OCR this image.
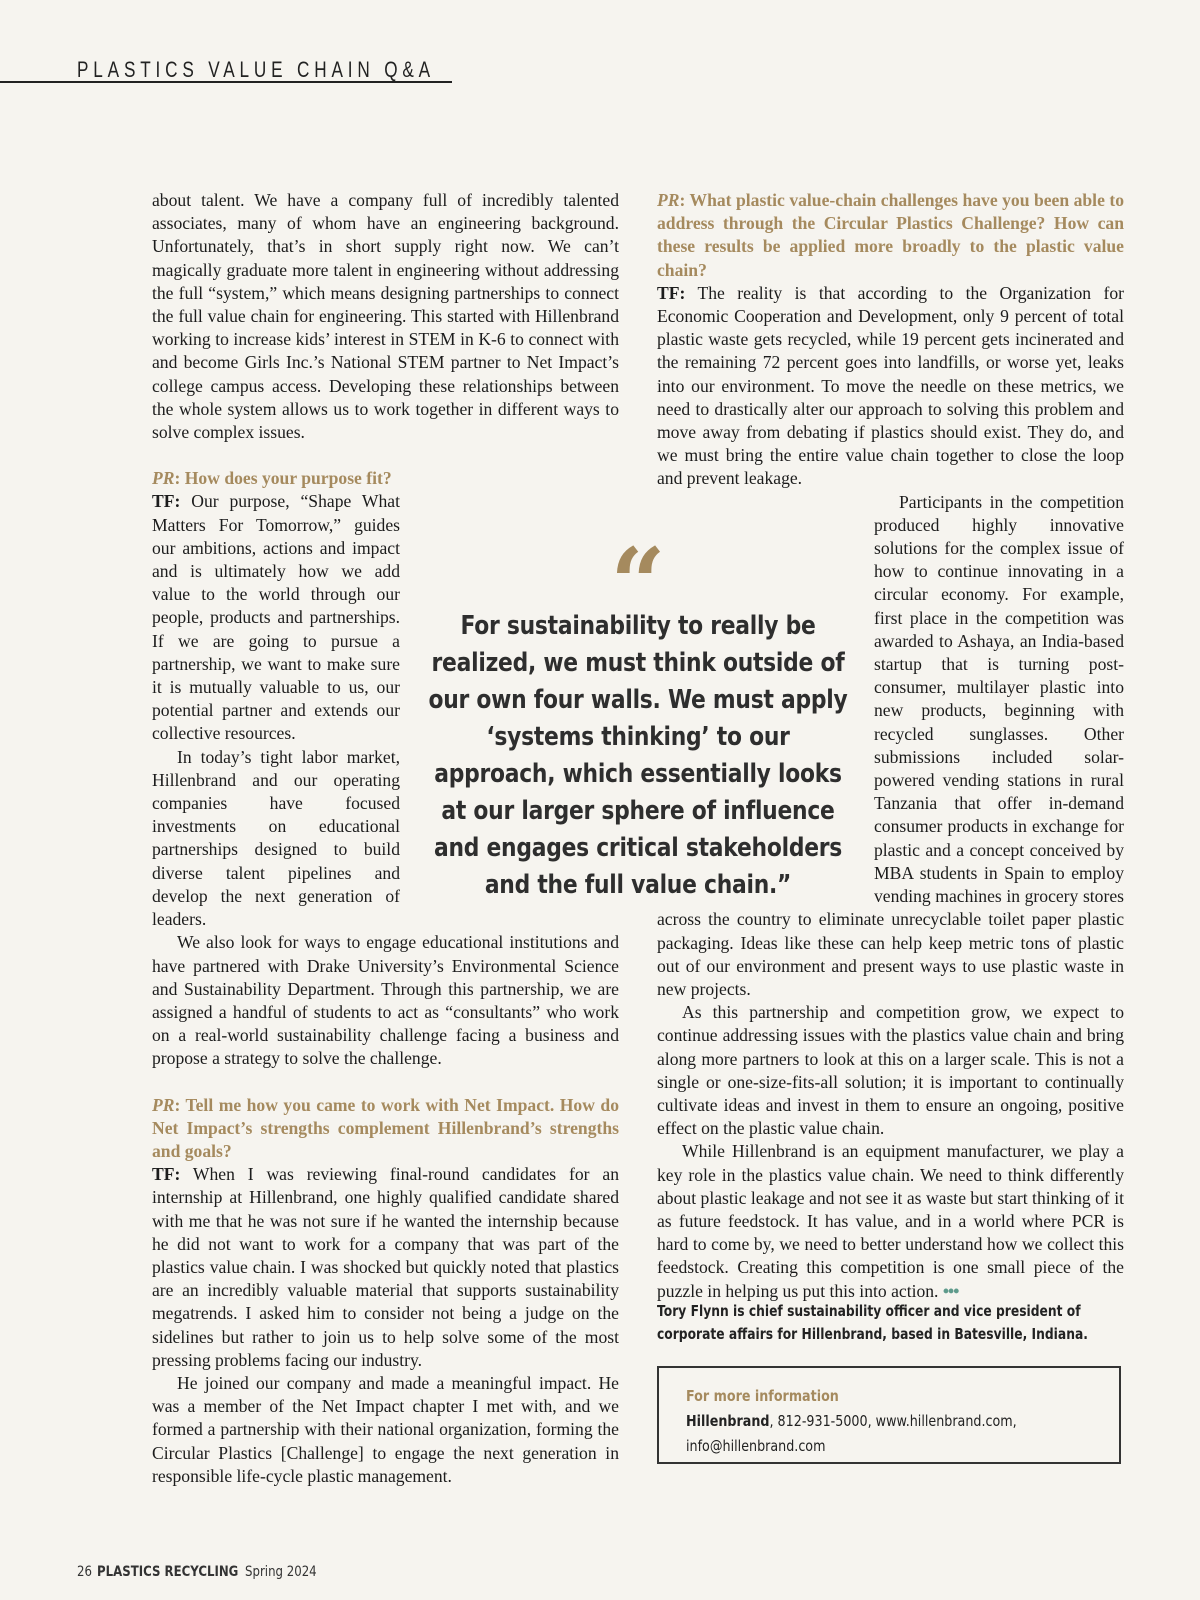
PLASTICS VALUE CHAIN Q&A

about talent. We have a company full of incredibly talented associates, many of whom have an engineering background. Unfortunately, that’s in short supply right now. We can’t magically graduate more talent in engineering without addressing the full “system,” which means designing partnerships to connect the full value chain for engineering. This started with Hillenbrand working to increase kids’ interest in STEM in K-6 to connect with and become Girls Inc.’s National STEM partner to Net Impact’s college campus access. Developing these relationships between the whole system allows us to work together in different ways to solve complex issues.

PR: How does your purpose fit?

TF: Our purpose, “Shape What Matters For Tomorrow,” guides our ambitions, actions and impact and is ultimately how we add value to the world through our people, products and partnerships. If we are going to pursue a partnership, we want to make sure it is mutually valuable to us, our potential partner and extends our collective resources.

In today’s tight labor market, Hillenbrand and our operating companies have focused investments on educational partnerships designed to build diverse talent pipelines and develop the next generation of leaders.

We also look for ways to engage educational institutions and have partnered with Drake University’s Environmental Science and Sustainability Department. Through this partnership, we are assigned a handful of students to act as “consultants” who work on a real-world sustainability challenge facing a business and propose a strategy to solve the challenge.

PR: Tell me how you came to work with Net Impact. How do Net Impact’s strengths complement Hillenbrand’s strengths and goals?

TF: When I was reviewing final-round candidates for an internship at Hillenbrand, one highly qualified candidate shared with me that he was not sure if he wanted the internship because he did not want to work for a company that was part of the plastics value chain. I was shocked but quickly noted that plastics are an incredibly valuable material that supports sustainability megatrends. I asked him to consider not being a judge on the sidelines but rather to join us to help solve some of the most pressing problems facing our industry.

He joined our company and made a meaningful impact. He was a member of the Net Impact chapter I met with, and we formed a partnership with their national organization, forming the Circular Plastics [Challenge] to engage the next generation in responsible life-cycle plastic management.

PR: What plastic value-chain challenges have you been able to address through the Circular Plastics Challenge? How can these results be applied more broadly to the plastic value chain?

TF: The reality is that according to the Organization for Economic Cooperation and Development, only 9 percent of total plastic waste gets recycled, while 19 percent gets incinerated and the remaining 72 percent goes into landfills, or worse yet, leaks into our environment. To move the needle on these metrics, we need to drastically alter our approach to solving this problem and move away from debating if plastics should exist. They do, and we must bring the entire value chain together to close the loop and prevent leakage.

Participants in the competition produced highly innovative solutions for the complex issue of how to continue innovating in a circular economy. For example, first place in the competition was awarded to Ashaya, an India-based startup that is turning post-consumer, multilayer plastic into new products, beginning with recycled sunglasses. Other submissions included solar-powered vending stations in rural Tanzania that offer in-demand consumer products in exchange for plastic and a concept conceived by MBA students in Spain to employ vending machines in grocery stores across the country to eliminate unrecyclable toilet paper plastic packaging. Ideas like these can help keep metric tons of plastic out of our environment and present ways to use plastic waste in new projects.

As this partnership and competition grow, we expect to continue addressing issues with the plastics value chain and bring along more partners to look at this on a larger scale. This is not a single or one-size-fits-all solution; it is important to continually cultivate ideas and invest in them to ensure an ongoing, positive effect on the plastic value chain.

While Hillenbrand is an equipment manufacturer, we play a key role in the plastics value chain. We need to think differently about plastic leakage and not see it as waste but start thinking of it as future feedstock. It has value, and in a world where PCR is hard to come by, we need to better understand how we collect this feedstock. Creating this competition is one small piece of the puzzle in helping us put this into action. •••

“
For sustainability to really be realized, we must think outside of our own four walls. We must apply ‘systems thinking’ to our approach, which essentially looks at our larger sphere of influence and engages critical stakeholders and the full value chain.”
Tory Flynn is chief sustainability officer and vice president of corporate affairs for Hillenbrand, based in Batesville, Indiana.
For more information
Hillenbrand, 812-931-5000, www.hillenbrand.com,
info@hillenbrand.com
26 PLASTICS RECYCLING Spring 2024
